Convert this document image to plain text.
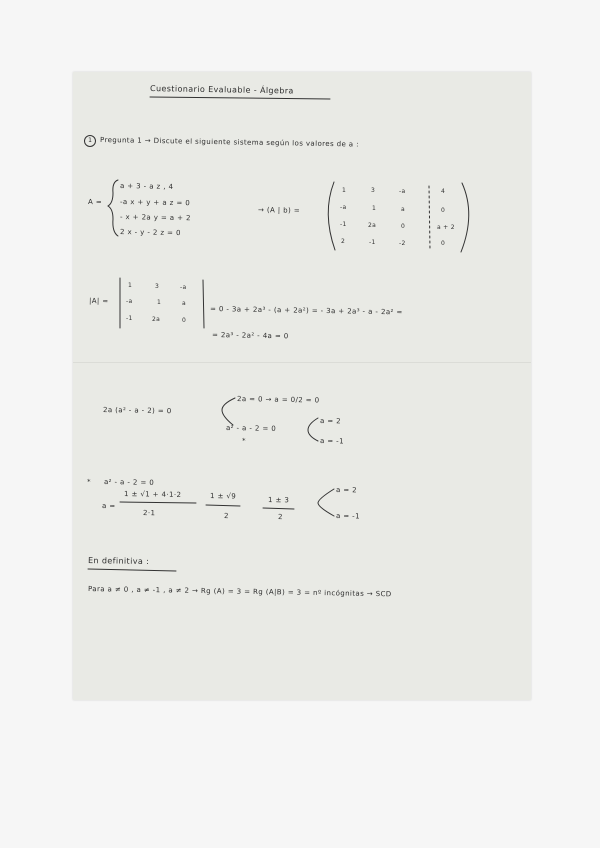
Cuestionario Evaluable - Álgebra
1	Pregunta 1 → Discute el siguiente sistema según los valores de a :
A =
a + 3 - a z , 4
-a x + y + a z = 0
- x + 2a y = a + 2
2 x - y - 2 z = 0
→ (A | b) =
1	3	-a	4
-a	1	a	0
-1	2a	0	a + 2
2	-1	-2	0
|A| =
1	3	-a
-a	1	a
-1	2a	0
= 0 - 3a + 2a³ - (a + 2a²) = - 3a + 2a³ - a - 2a² =
= 2a³ - 2a² - 4a = 0
2a (a² - a - 2) = 0
2a = 0 → a = 0/2 = 0
a² - a - 2 = 0
*
a = 2
a = -1
* a² - a - 2 = 0
a =
1 ± √1 + 4·1·2
2·1
1 ± √9
2
1 ± 3
2
a = 2
a = -1
En definitiva :
Para a ≠ 0 , a ≠ -1 , a ≠ 2 → Rg (A) = 3 = Rg (A|B) = 3 = nº incógnitas → SCD
